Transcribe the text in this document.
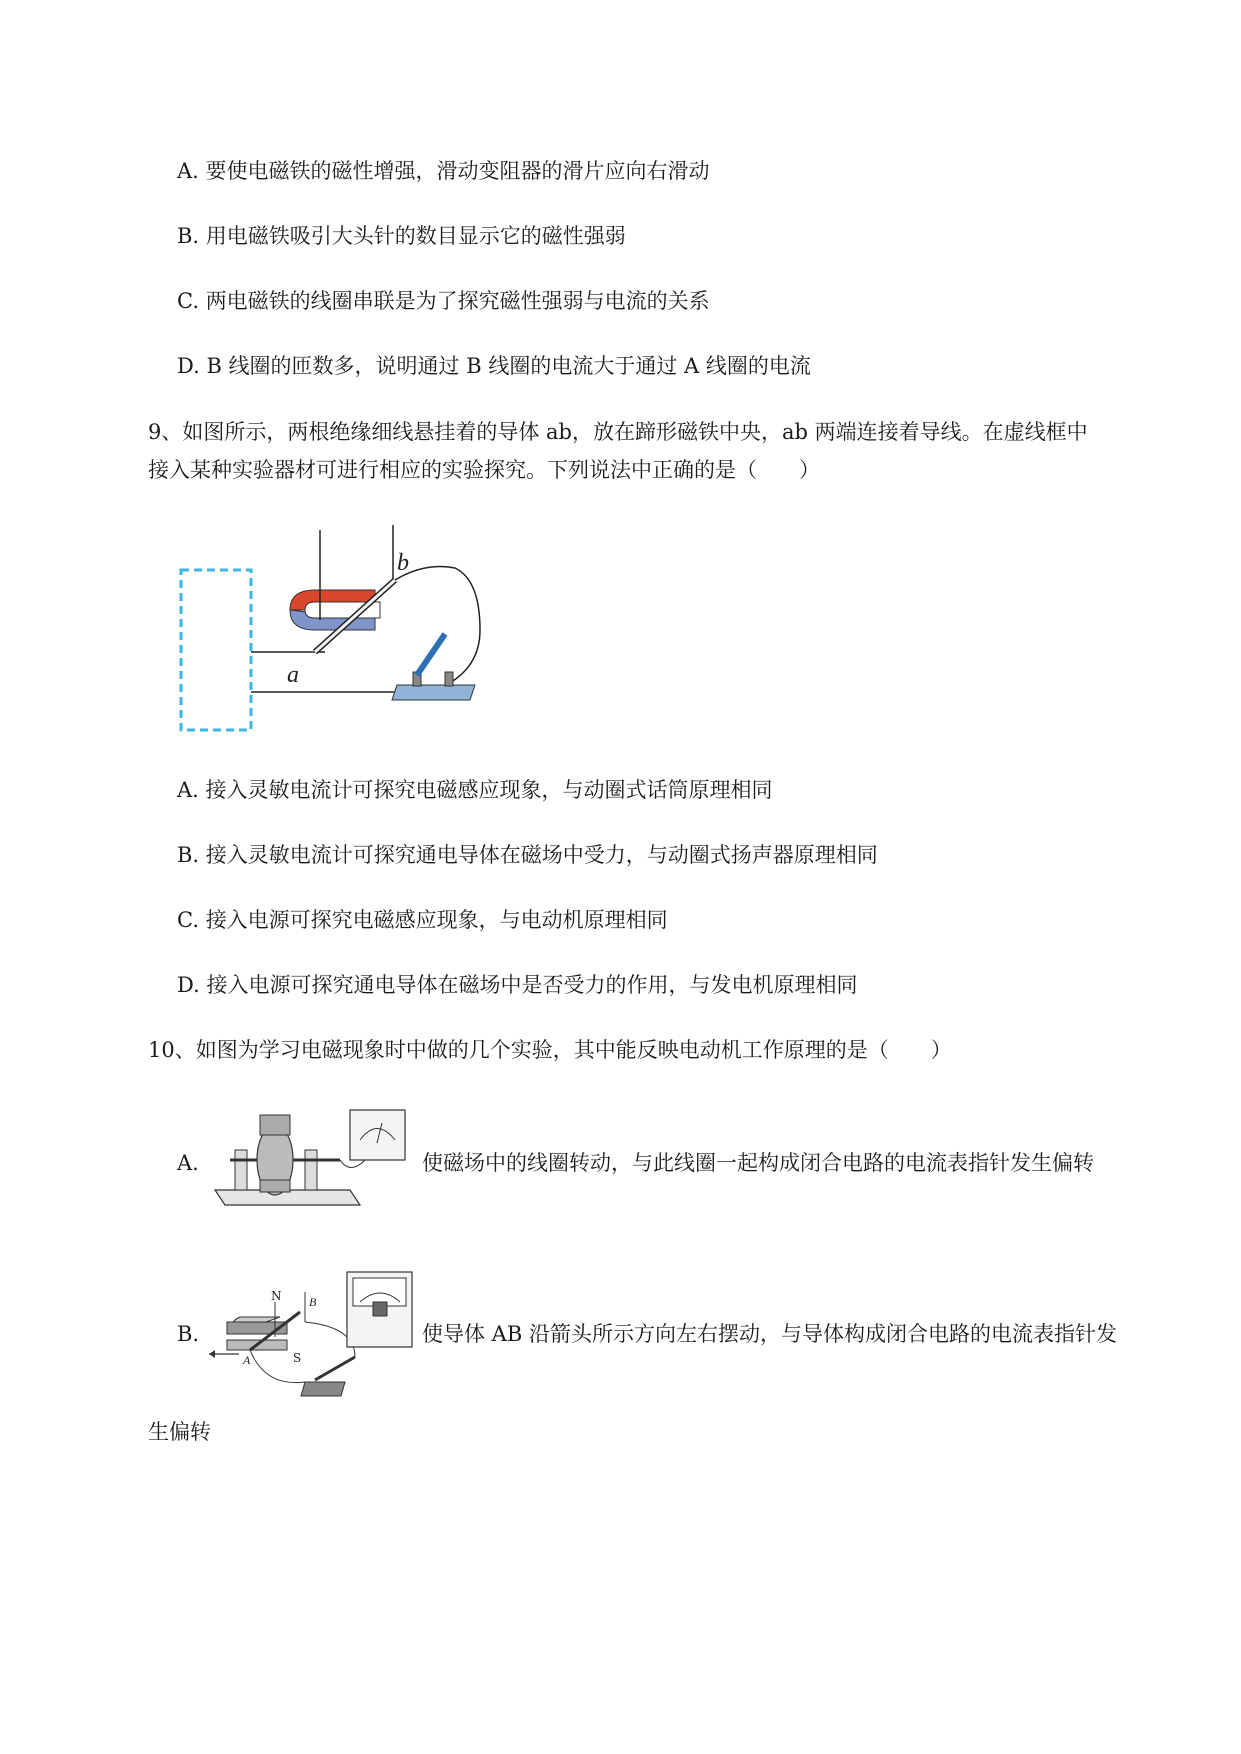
A. 要使电磁铁的磁性增强，滑动变阻器的滑片应向右滑动
B. 用电磁铁吸引大头针的数目显示它的磁性强弱
C. 两电磁铁的线圈串联是为了探究磁性强弱与电流的关系
D. B 线圈的匝数多，说明通过 B 线圈的电流大于通过 A 线圈的电流
9、如图所示，两根绝缘细线悬挂着的导体 ab，放在蹄形磁铁中央，ab 两端连接着导线。在虚线框中
接入某种实验器材可进行相应的实验探究。下列说法中正确的是（　　）
a
b
A. 接入灵敏电流计可探究电磁感应现象，与动圈式话筒原理相同
B. 接入灵敏电流计可探究通电导体在磁场中受力，与动圈式扬声器原理相同
C. 接入电源可探究电磁感应现象，与电动机原理相同
D. 接入电源可探究通电导体在磁场中是否受力的作用，与发电机原理相同
10、如图为学习电磁现象时中做的几个实验，其中能反映电动机工作原理的是（　　）
A.	使磁场中的线圈转动，与此线圈一起构成闭合电路的电流表指针发生偏转
B.
N B
A	S
使导体 AB 沿箭头所示方向左右摆动，与导体构成闭合电路的电流表指针发
生偏转
